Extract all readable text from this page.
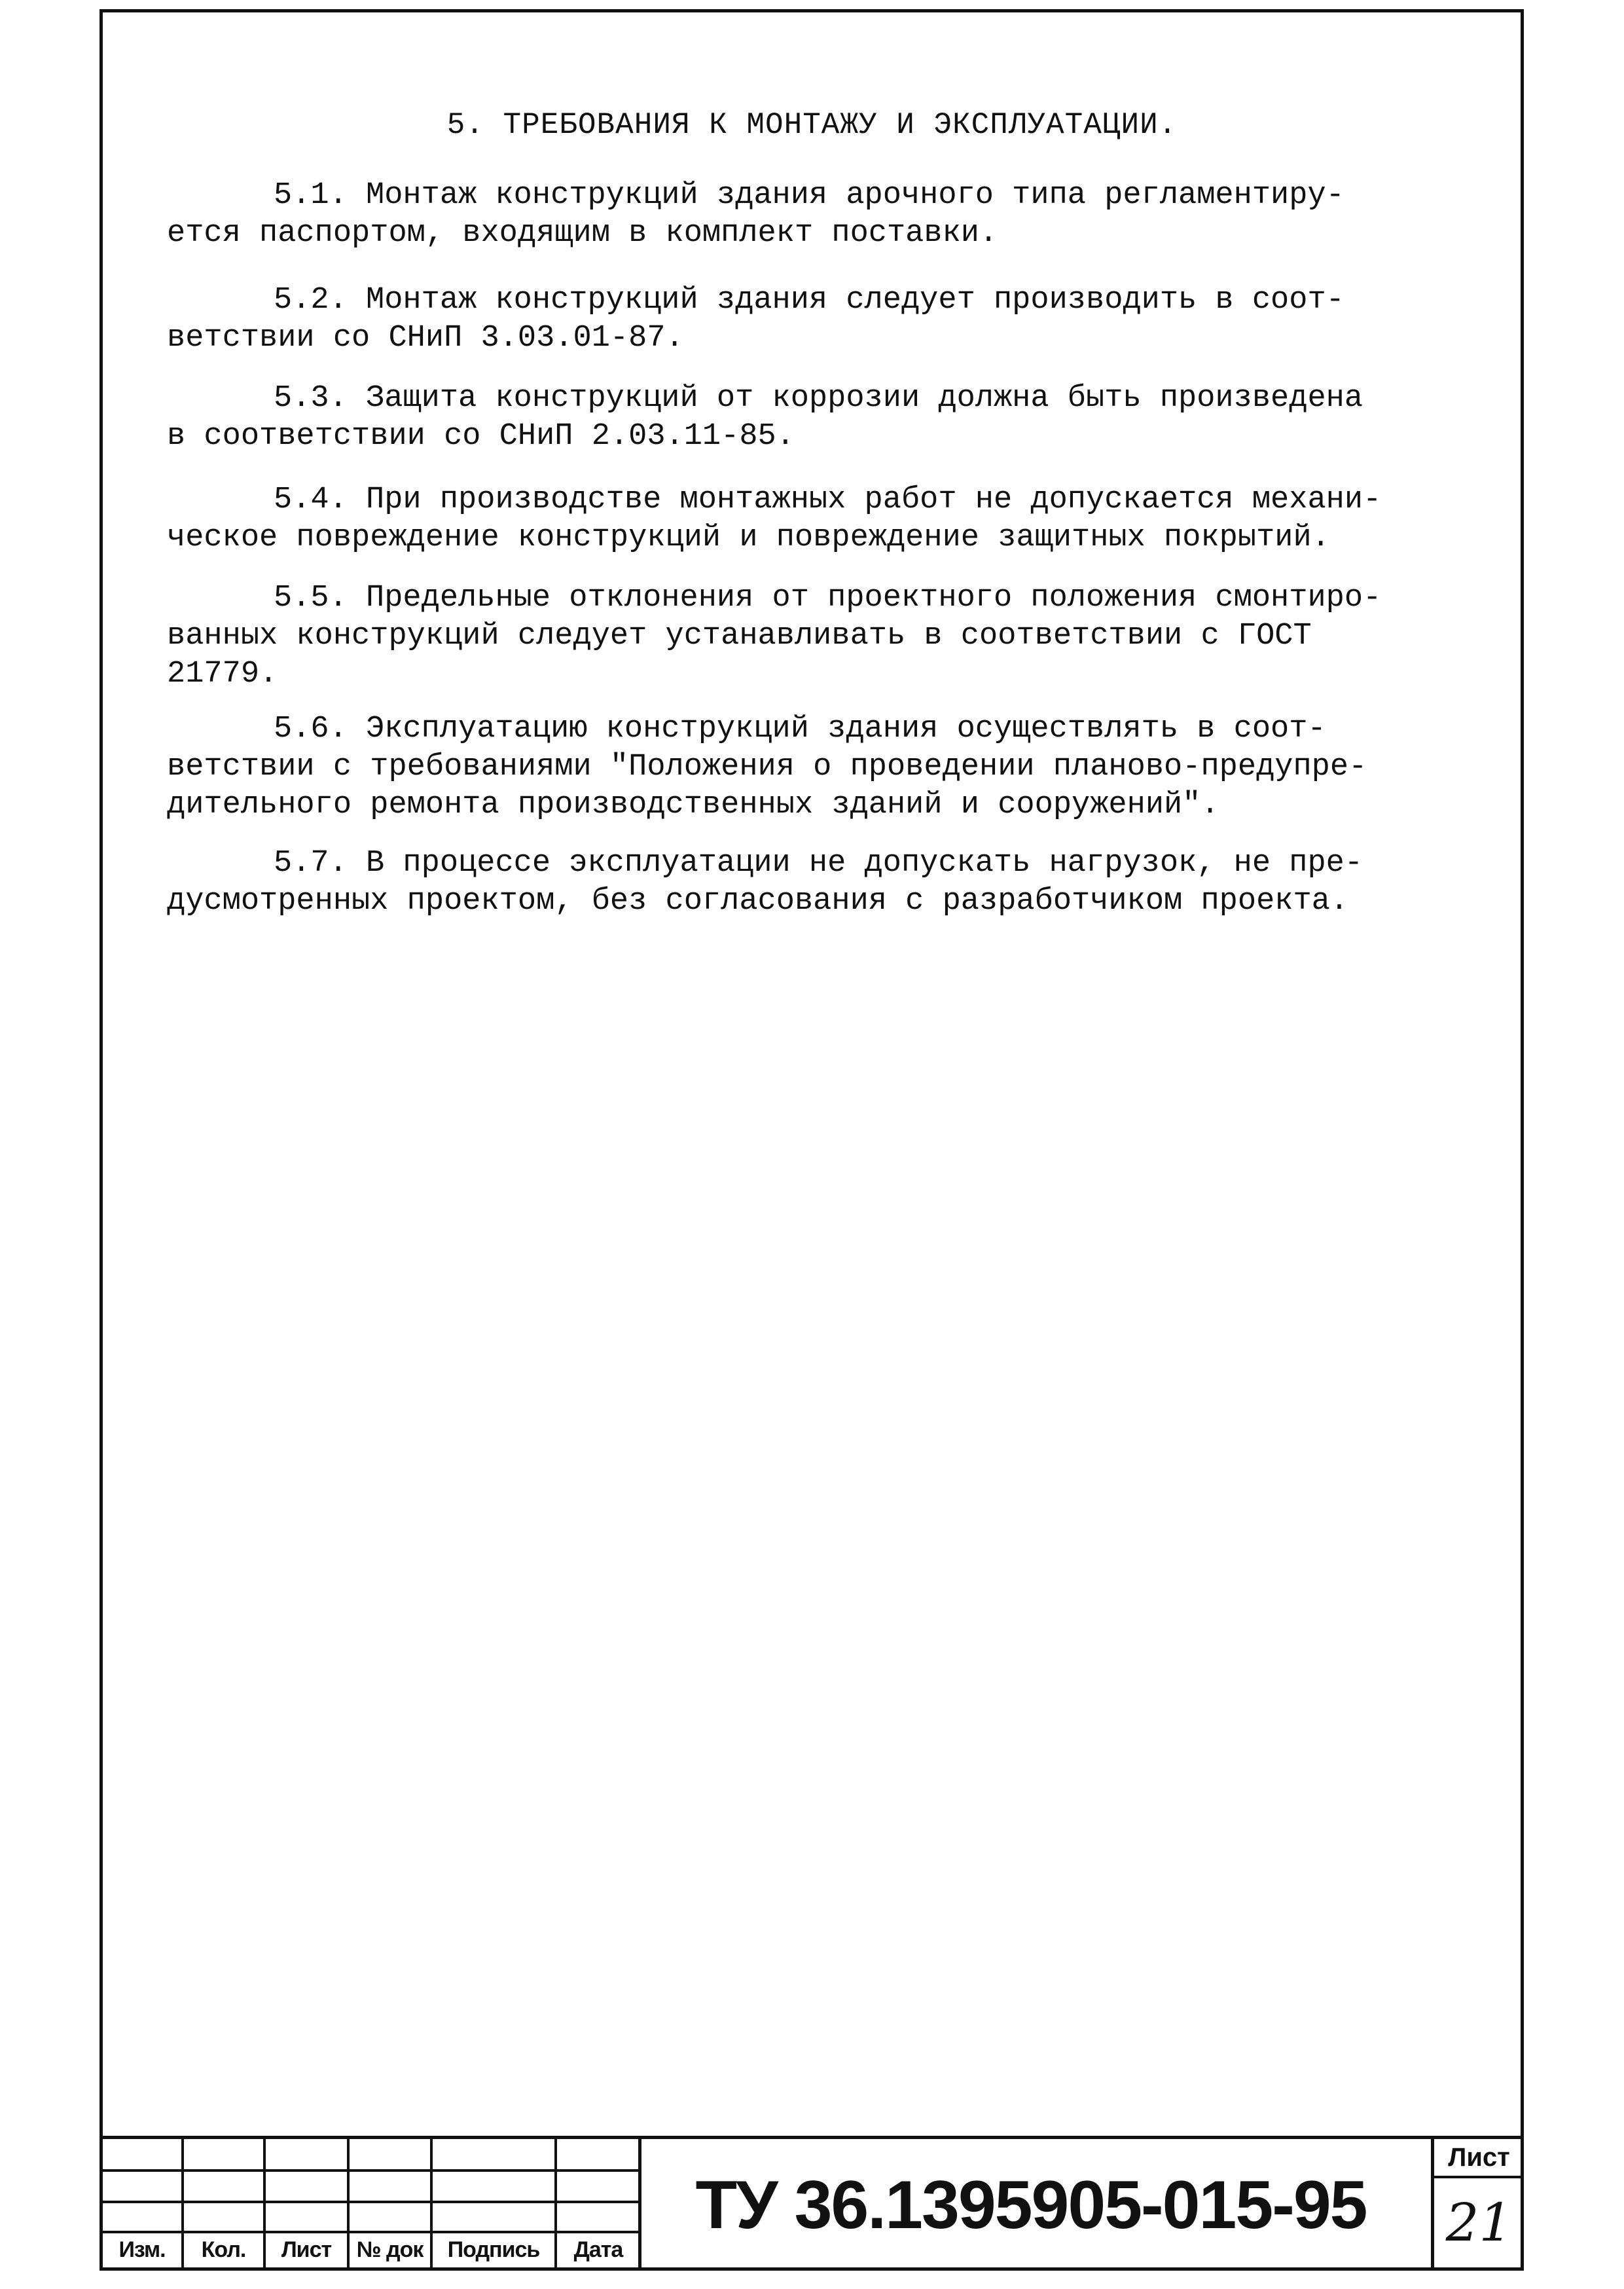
5. ТРЕБОВАНИЯ К МОНТАЖУ И ЭКСПЛУАТАЦИИ.
5.1. Монтаж конструкций здания арочного типа регламентиру-
ется паспортом, входящим в комплект поставки.
5.2. Монтаж конструкций здания следует производить в соот-
ветствии со СНиП 3.03.01-87.
5.3. Защита конструкций от коррозии должна быть произведена
в соответствии со СНиП 2.03.11-85.
5.4. При производстве монтажных работ не допускается механи-
ческое повреждение конструкций и повреждение защитных покрытий.
5.5. Предельные отклонения от проектного положения смонтиро-
ванных конструкций следует устанавливать в соответствии с ГОСТ
21779.
5.6. Эксплуатацию конструкций здания осуществлять в соот-
ветствии с требованиями "Положения о проведении планово-предупре-
дительного ремонта производственных зданий и сооружений".
5.7. В процессе эксплуатации не допускать нагрузок, не пре-
дусмотренных проектом, без согласования с разработчиком проекта.
Изм.	Кол.	Лист	№ док	Подпись	Дата
ТУ 36.1395905-015-95
Лист
21
